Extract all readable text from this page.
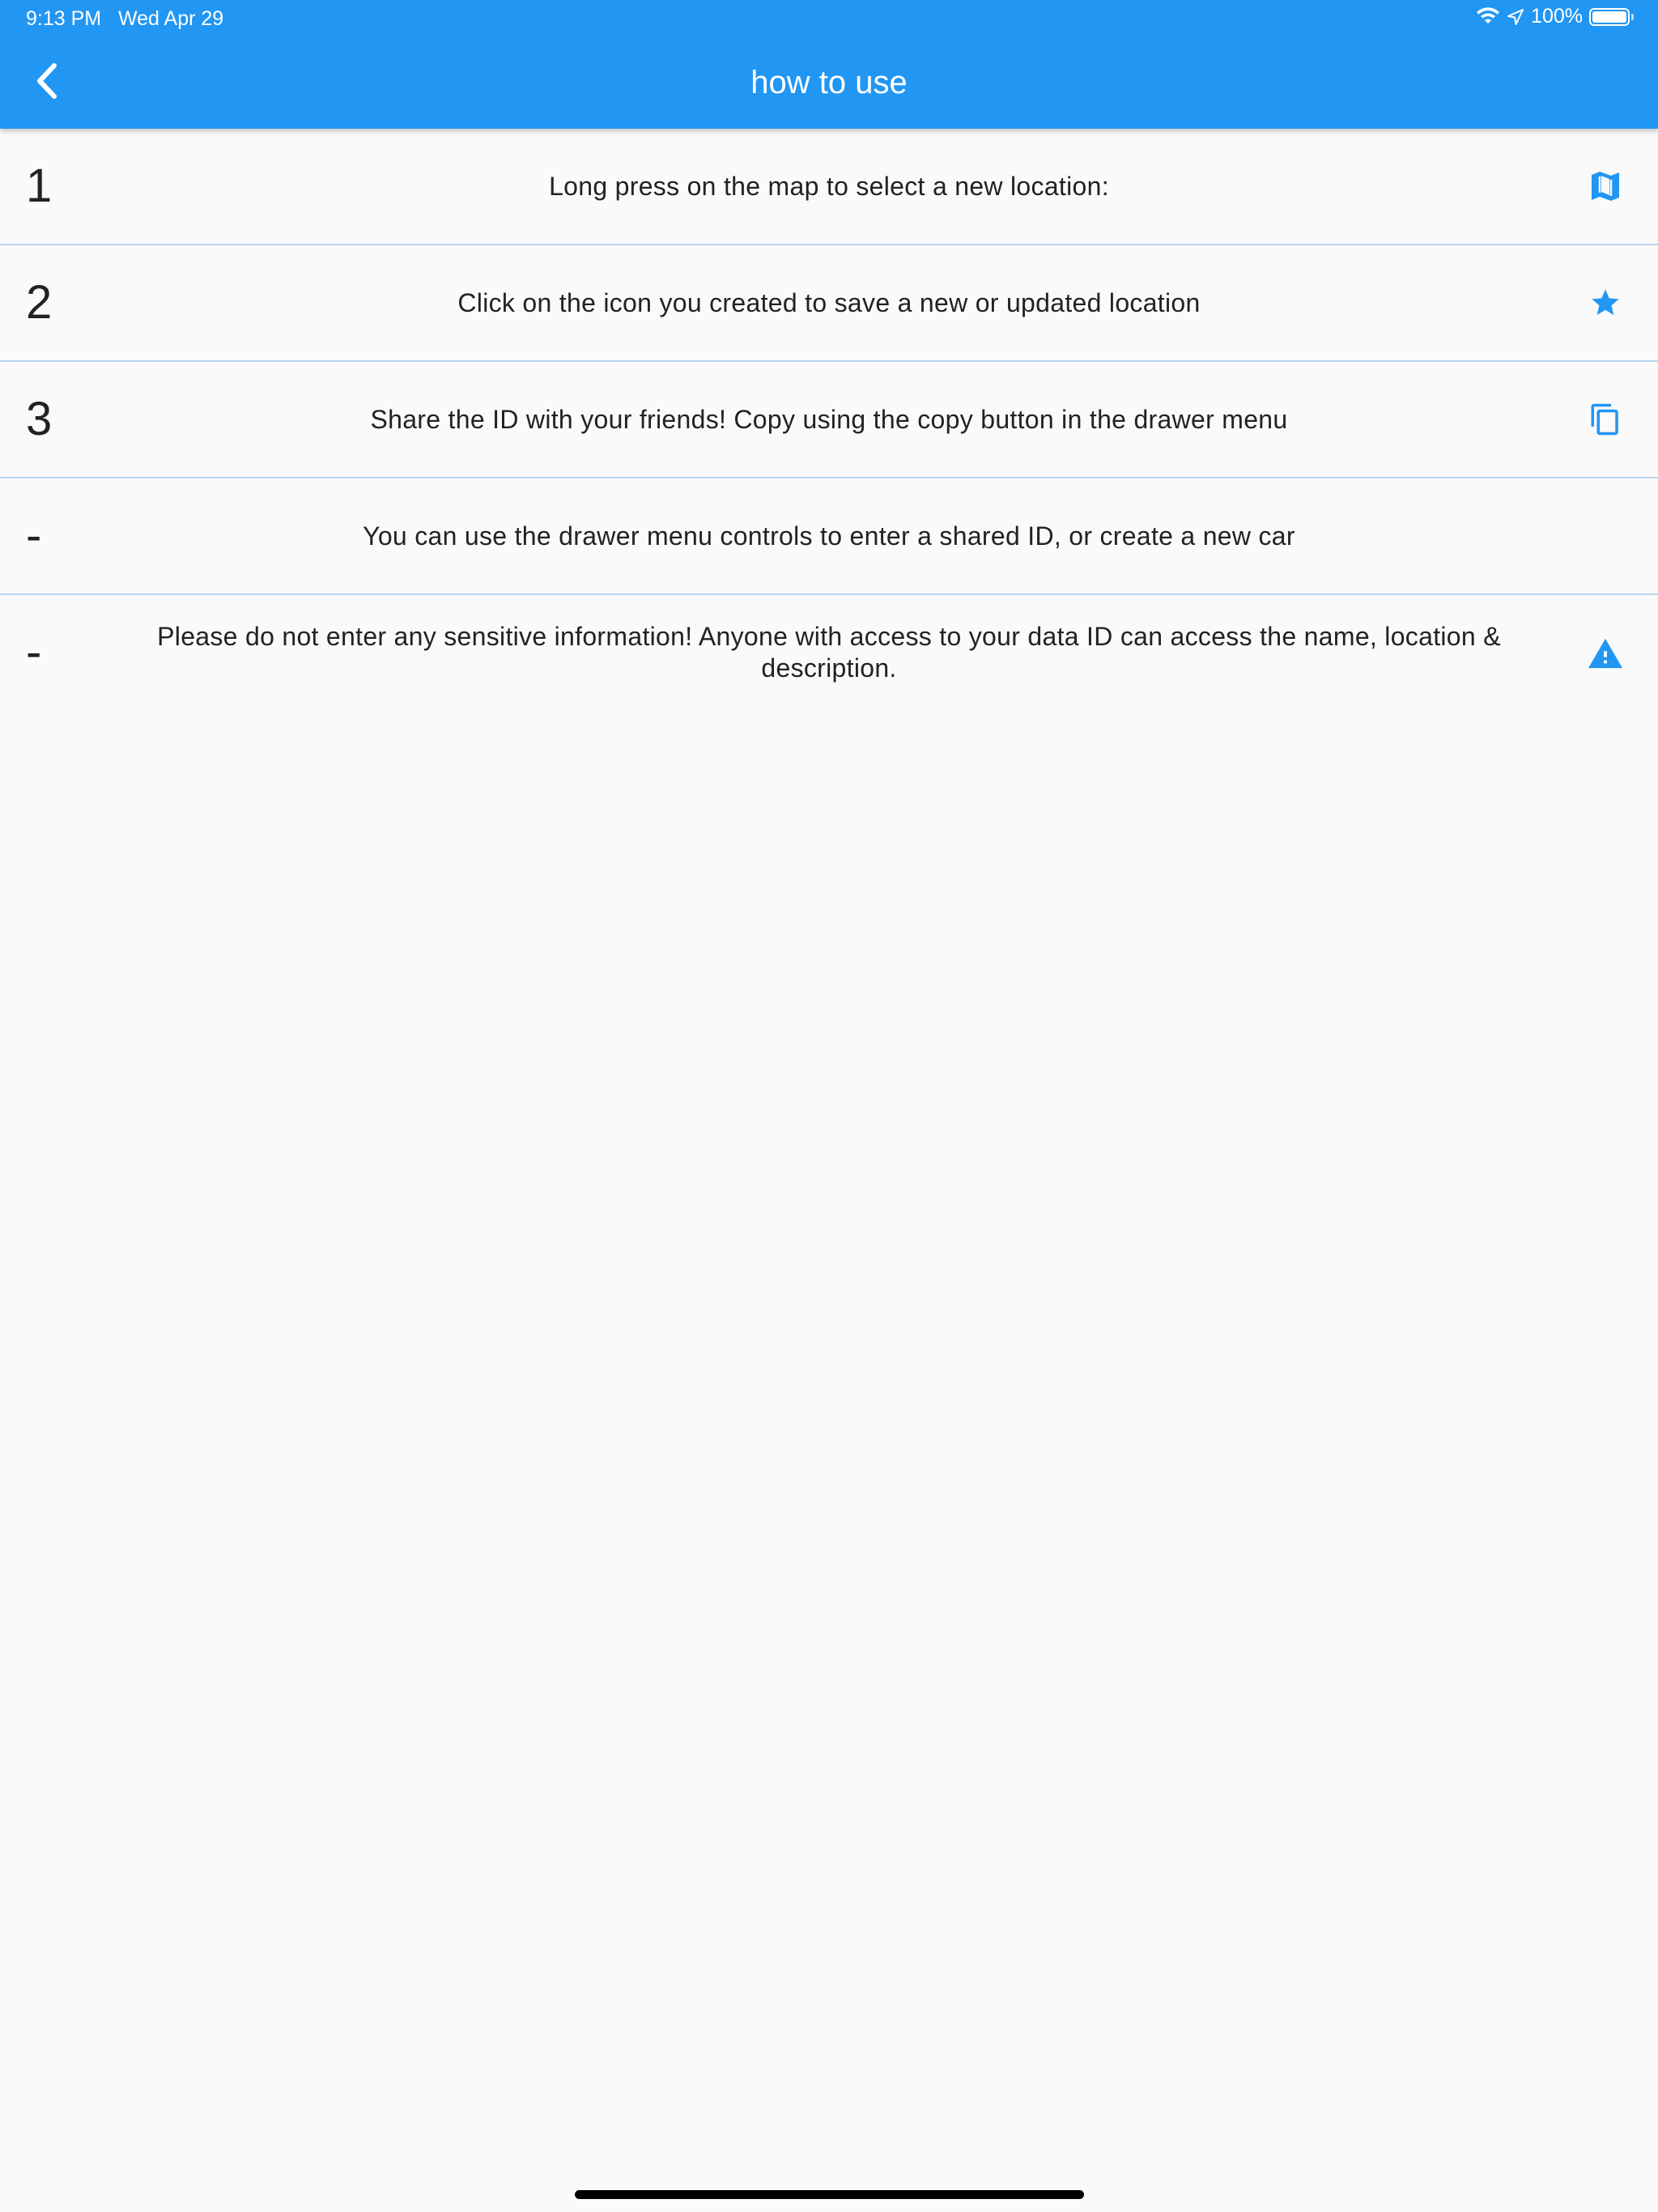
9:13 PM Wed Apr 29	100%
how to use
1	Long press on the map to select a new location:
2	Click on the icon you created to save a new or updated location
3	Share the ID with your friends! Copy using the copy button in the drawer menu
-	You can use the drawer menu controls to enter a shared ID, or create a new car
-	Please do not enter any sensitive information! Anyone with access to your data ID can access the name, location & description.
